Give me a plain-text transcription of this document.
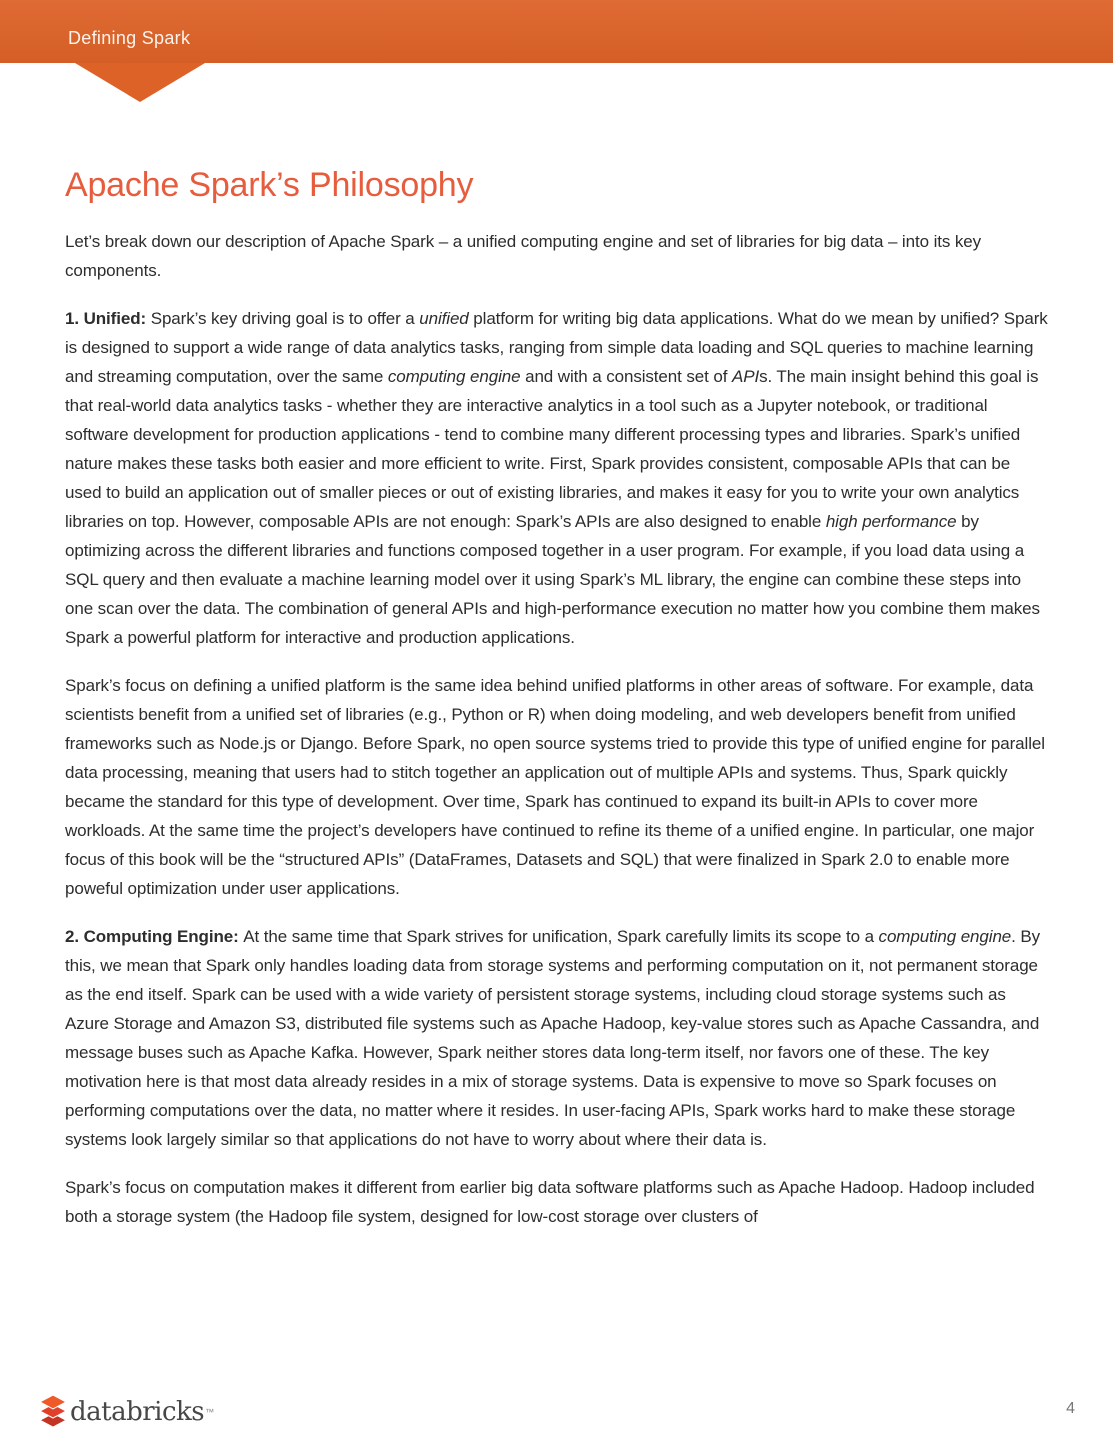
Defining Spark
Apache Spark’s Philosophy

Let’s break down our description of Apache Spark – a unified computing engine and set of libraries for big data – into its key components.

1. Unified: Spark’s key driving goal is to offer a unified platform for writing big data applications. What do we mean by unified? Spark is designed to support a wide range of data analytics tasks, ranging from simple data loading and SQL queries to machine learning and streaming computation, over the same computing engine and with a consistent set of APIs. The main insight behind this goal is that real-world data analytics tasks - whether they are interactive analytics in a tool such as a Jupyter notebook, or traditional software development for production applications - tend to combine many different processing types and libraries. Spark’s unified nature makes these tasks both easier and more efficient to write. First, Spark provides consistent, composable APIs that can be used to build an application out of smaller pieces or out of existing libraries, and makes it easy for you to write your own analytics libraries on top. However, composable APIs are not enough: Spark’s APIs are also designed to enable high performance by optimizing across the different libraries and functions composed together in a user program. For example, if you load data using a SQL query and then evaluate a machine learning model over it using Spark’s ML library, the engine can combine these steps into one scan over the data. The combination of general APIs and high-performance execution no matter how you combine them makes Spark a powerful platform for interactive and production applications.

Spark’s focus on defining a unified platform is the same idea behind unified platforms in other areas of software. For example, data scientists benefit from a unified set of libraries (e.g., Python or R) when doing modeling, and web developers benefit from unified frameworks such as Node.js or Django. Before Spark, no open source systems tried to provide this type of unified engine for parallel data processing, meaning that users had to stitch together an application out of multiple APIs and systems. Thus, Spark quickly became the standard for this type of development. Over time, Spark has continued to expand its built-in APIs to cover more workloads. At the same time the project’s developers have continued to refine its theme of a unified engine. In particular, one major focus of this book will be the “structured APIs” (DataFrames, Datasets and SQL) that were finalized in Spark 2.0 to enable more poweful optimization under user applications.

2. Computing Engine: At the same time that Spark strives for unification, Spark carefully limits its scope to a computing engine. By this, we mean that Spark only handles loading data from storage systems and performing computation on it, not permanent storage as the end itself. Spark can be used with a wide variety of persistent storage systems, including cloud storage systems such as Azure Storage and Amazon S3, distributed file systems such as Apache Hadoop, key-value stores such as Apache Cassandra, and message buses such as Apache Kafka. However, Spark neither stores data long-term itself, nor favors one of these. The key motivation here is that most data already resides in a mix of storage systems. Data is expensive to move so Spark focuses on performing computations over the data, no matter where it resides. In user-facing APIs, Spark works hard to make these storage systems look largely similar so that applications do not have to worry about where their data is.

Spark’s focus on computation makes it different from earlier big data software platforms such as Apache Hadoop. Hadoop included both a storage system (the Hadoop file system, designed for low-cost storage over clusters of

databricks ™	4
